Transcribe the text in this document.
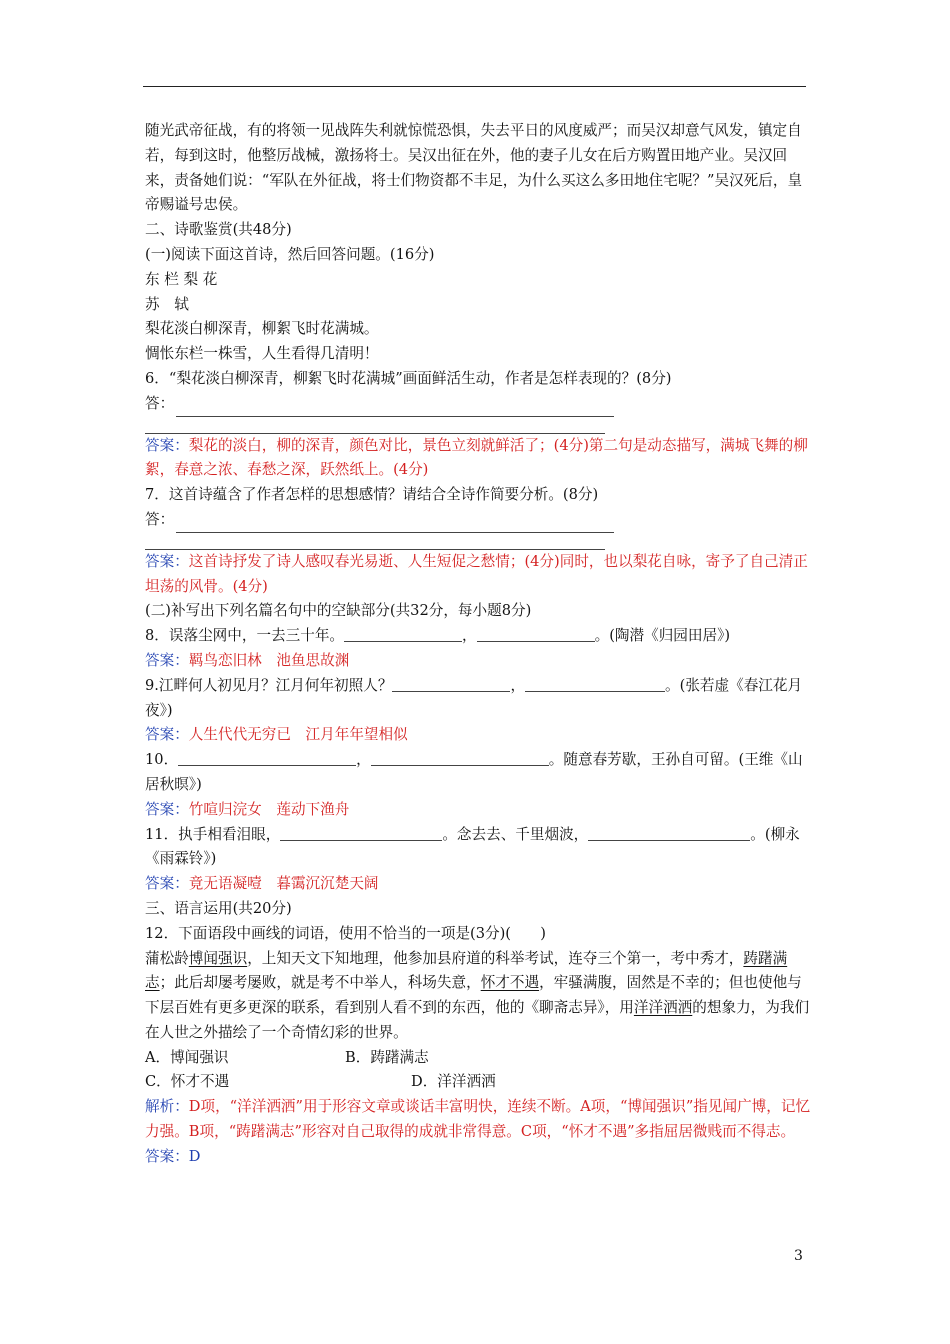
随光武帝征战，有的将领一见战阵失利就惊慌恐惧，失去平日的风度威严；而吴汉却意气风发，镇定自若，每到这时，他整厉战械，激扬将士。吴汉出征在外，他的妻子儿女在后方购置田地产业。吴汉回来，责备她们说：“军队在外征战，将士们物资都不丰足，为什么买这么多田地住宅呢？”吴汉死后，皇帝赐谥号忠侯。

二、诗歌鉴赏(共48分)

(一)阅读下面这首诗，然后回答问题。(16分)

东 栏 梨 花

苏　轼

梨花淡白柳深青，柳絮飞时花满城。

惆怅东栏一株雪，人生看得几清明！

6．“梨花淡白柳深青，柳絮飞时花满城”画面鲜活生动，作者是怎样表现的？(8分)

答：

答案：梨花的淡白，柳的深青，颜色对比，景色立刻就鲜活了；(4分)第二句是动态描写，满城飞舞的柳絮，春意之浓、春愁之深，跃然纸上。(4分)

7．这首诗蕴含了作者怎样的思想感情？请结合全诗作简要分析。(8分)

答：

答案：这首诗抒发了诗人感叹春光易逝、人生短促之愁情；(4分)同时，也以梨花自咏，寄予了自己清正坦荡的风骨。(4分)

(二)补写出下列名篇名句中的空缺部分(共32分，每小题8分)

8．误落尘网中，一去三十年。	，	。(陶潜《归园田居》)

答案：羁鸟恋旧林　池鱼思故渊

9.江畔何人初见月？江月何年初照人？	，	。(张若虚《春江花月夜》)

答案：人生代代无穷已　江月年年望相似

10．	，	。随意春芳歇，王孙自可留。(王维《山居秋暝》)

答案：竹喧归浣女　莲动下渔舟

11．执手相看泪眼，	。念去去、千里烟波，	。(柳永《雨霖铃》)

答案：竟无语凝噎　暮霭沉沉楚天阔

三、语言运用(共20分)

12．下面语段中画线的词语，使用不恰当的一项是(3分)(　　)

蒲松龄博闻强识，上知天文下知地理，他参加县府道的科举考试，连夺三个第一，考中秀才，踌躇满志；此后却屡考屡败，就是考不中举人，科场失意，怀才不遇，牢骚满腹，固然是不幸的；但也使他与下层百姓有更多更深的联系，看到别人看不到的东西，他的《聊斋志异》，用洋洋洒洒的想象力，为我们在人世之外描绘了一个奇情幻彩的世界。

A．博闻强识	B．踌躇满志
C．怀才不遇	D．洋洋洒洒

解析：D项，“洋洋洒洒”用于形容文章或谈话丰富明快，连续不断。A项，“博闻强识”指见闻广博，记忆力强。B项，“踌躇满志”形容对自己取得的成就非常得意。C项，“怀才不遇”多指屈居微贱而不得志。

答案：D

3
